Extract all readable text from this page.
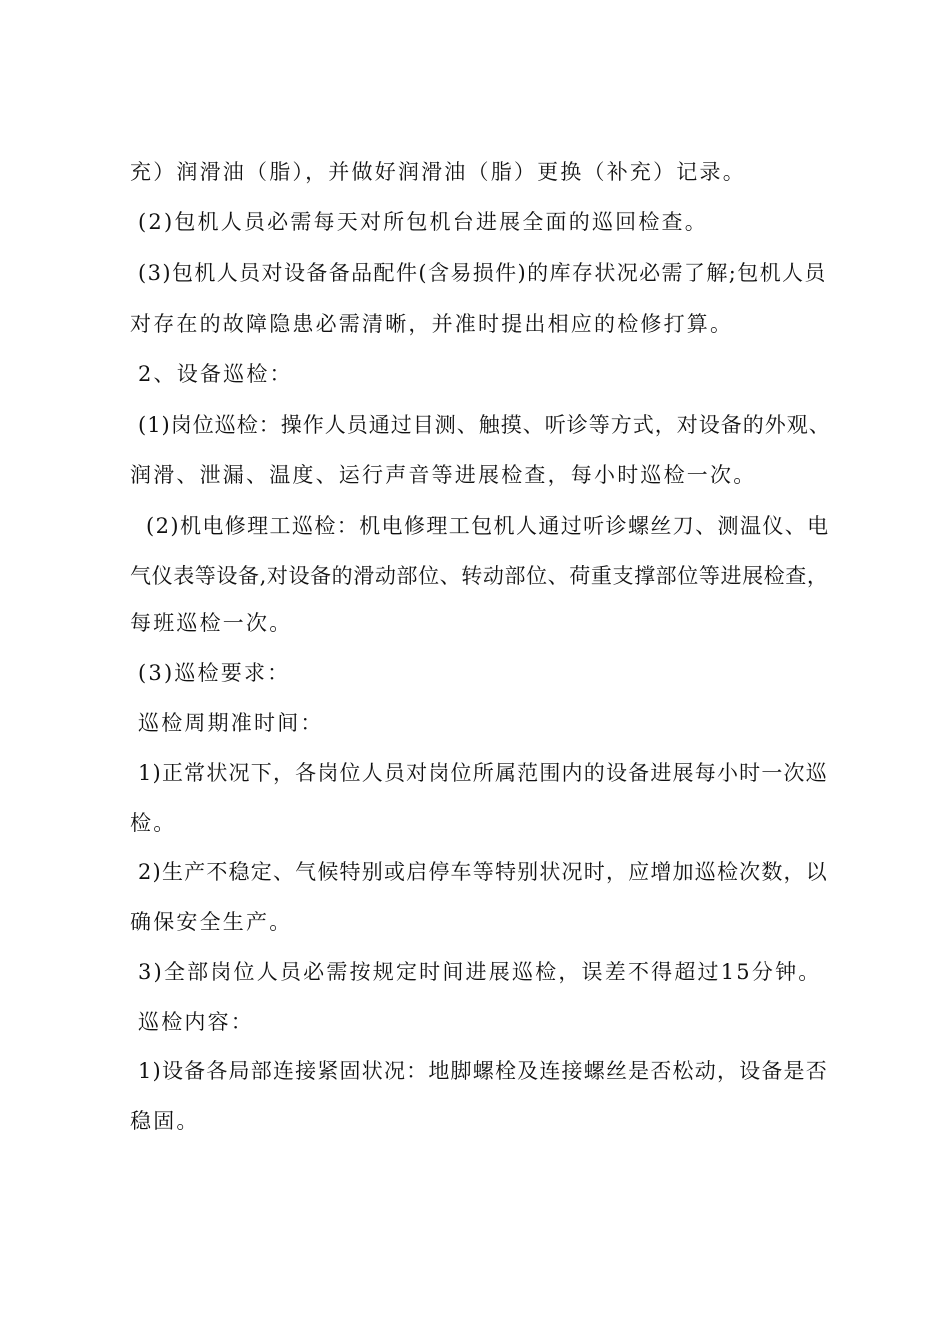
充）润滑油（脂），并做好润滑油（脂）更换（补充）记录。
(2)包机人员必需每天对所包机台进展全面的巡回检查。
(3)包机人员对设备备品配件(含易损件)的库存状况必需了解;包机人员
对存在的故障隐患必需清晰，并准时提出相应的检修打算。
2、设备巡检：
(1)岗位巡检：操作人员通过目测、触摸、听诊等方式，对设备的外观、
润滑、泄漏、温度、运行声音等进展检查，每小时巡检一次。
(2)机电修理工巡检：机电修理工包机人通过听诊螺丝刀、测温仪、电
气仪表等设备,对设备的滑动部位、转动部位、荷重支撑部位等进展检查，
每班巡检一次。
(3)巡检要求：
巡检周期准时间：
1)正常状况下，各岗位人员对岗位所属范围内的设备进展每小时一次巡
检。
2)生产不稳定、气候特别或启停车等特别状况时，应增加巡检次数，以
确保安全生产。
3)全部岗位人员必需按规定时间进展巡检，误差不得超过15分钟。
巡检内容：
1)设备各局部连接紧固状况：地脚螺栓及连接螺丝是否松动，设备是否
稳固。
